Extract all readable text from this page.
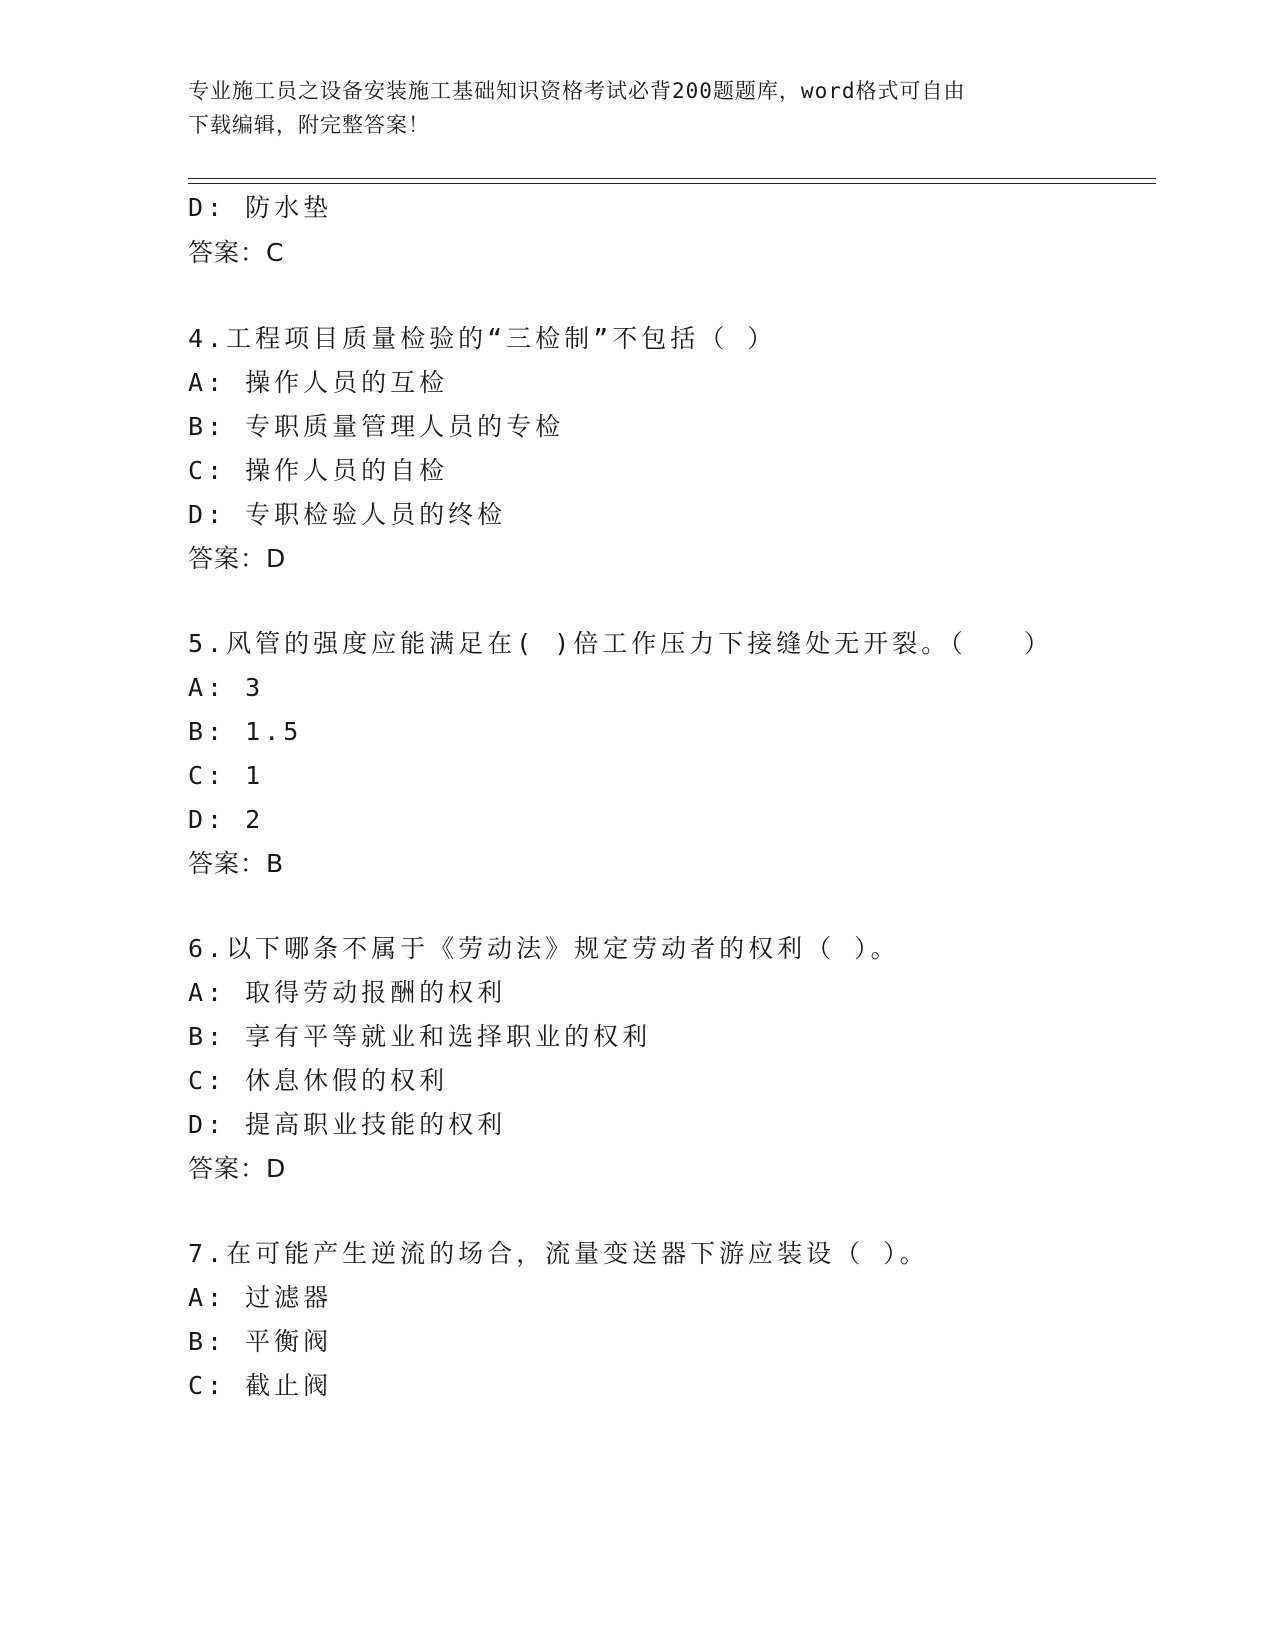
专业施工员之设备安装施工基础知识资格考试必背200题题库，word格式可自由
下载编辑，附完整答案！
D: 防水垫
答案：C
4.工程项目质量检验的“三检制”不包括（ ）
A: 操作人员的互检
B: 专职质量管理人员的专检
C: 操作人员的自检
D: 专职检验人员的终检
答案：D
5.风管的强度应能满足在( )倍工作压力下接缝处无开裂。（   ）
A: 3
B: 1.5
C: 1
D: 2
答案：B
6.以下哪条不属于《劳动法》规定劳动者的权利（ ）。
A: 取得劳动报酬的权利
B: 享有平等就业和选择职业的权利
C: 休息休假的权利
D: 提高职业技能的权利
答案：D
7.在可能产生逆流的场合，流量变送器下游应装设（ ）。
A: 过滤器
B: 平衡阀
C: 截止阀
